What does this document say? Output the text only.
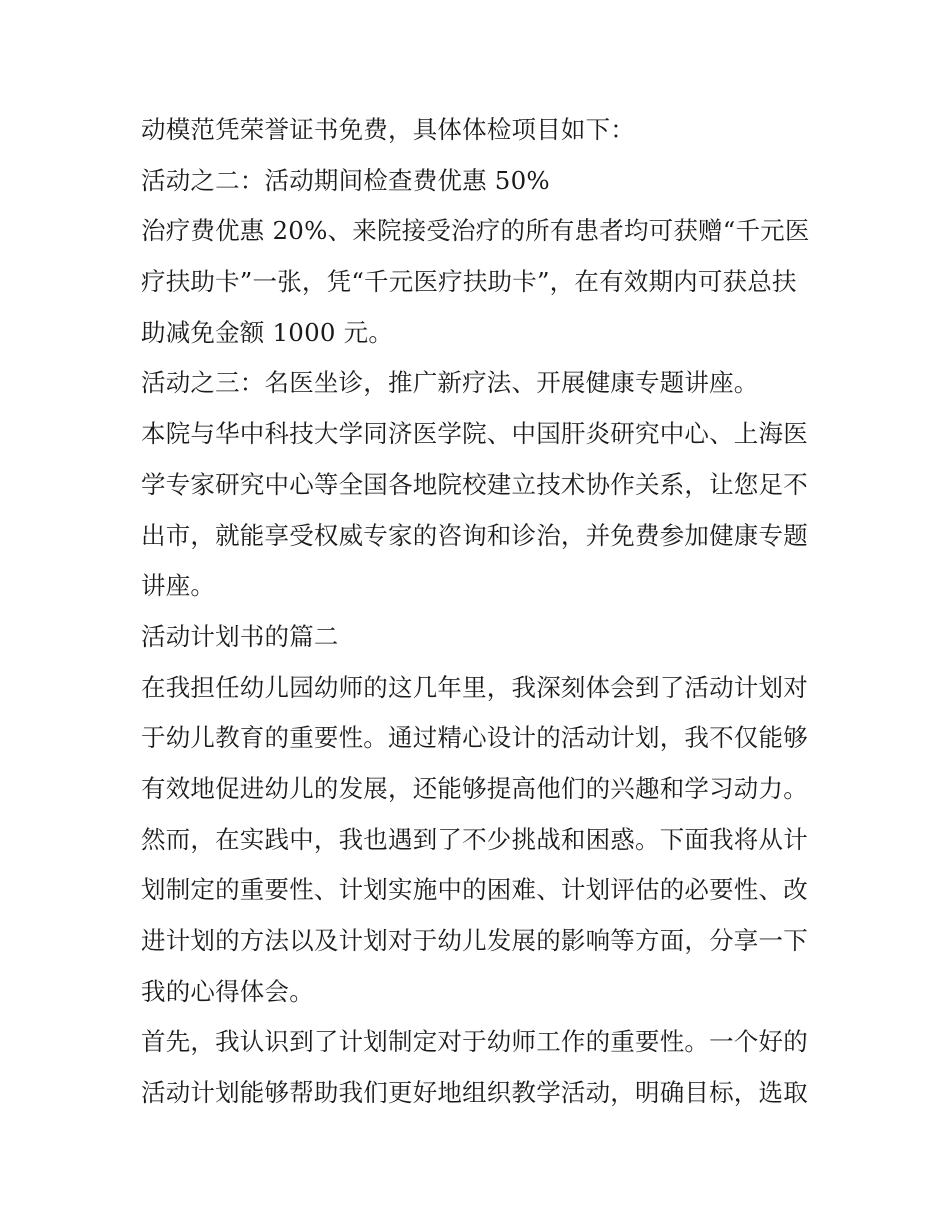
动模范凭荣誉证书免费，具体体检项目如下：
活动之二：活动期间检查费优惠 50%
治疗费优惠 20%、来院接受治疗的所有患者均可获赠“千元医
疗扶助卡”一张，凭“千元医疗扶助卡”，在有效期内可获总扶
助减免金额 1000 元。
活动之三：名医坐诊，推广新疗法、开展健康专题讲座。
本院与华中科技大学同济医学院、中国肝炎研究中心、上海医
学专家研究中心等全国各地院校建立技术协作关系，让您足不
出市，就能享受权威专家的咨询和诊治，并免费参加健康专题
讲座。
活动计划书的篇二
在我担任幼儿园幼师的这几年里，我深刻体会到了活动计划对
于幼儿教育的重要性。通过精心设计的活动计划，我不仅能够
有效地促进幼儿的发展，还能够提高他们的兴趣和学习动力。
然而，在实践中，我也遇到了不少挑战和困惑。下面我将从计
划制定的重要性、计划实施中的困难、计划评估的必要性、改
进计划的方法以及计划对于幼儿发展的影响等方面，分享一下
我的心得体会。
首先，我认识到了计划制定对于幼师工作的重要性。一个好的
活动计划能够帮助我们更好地组织教学活动，明确目标，选取
